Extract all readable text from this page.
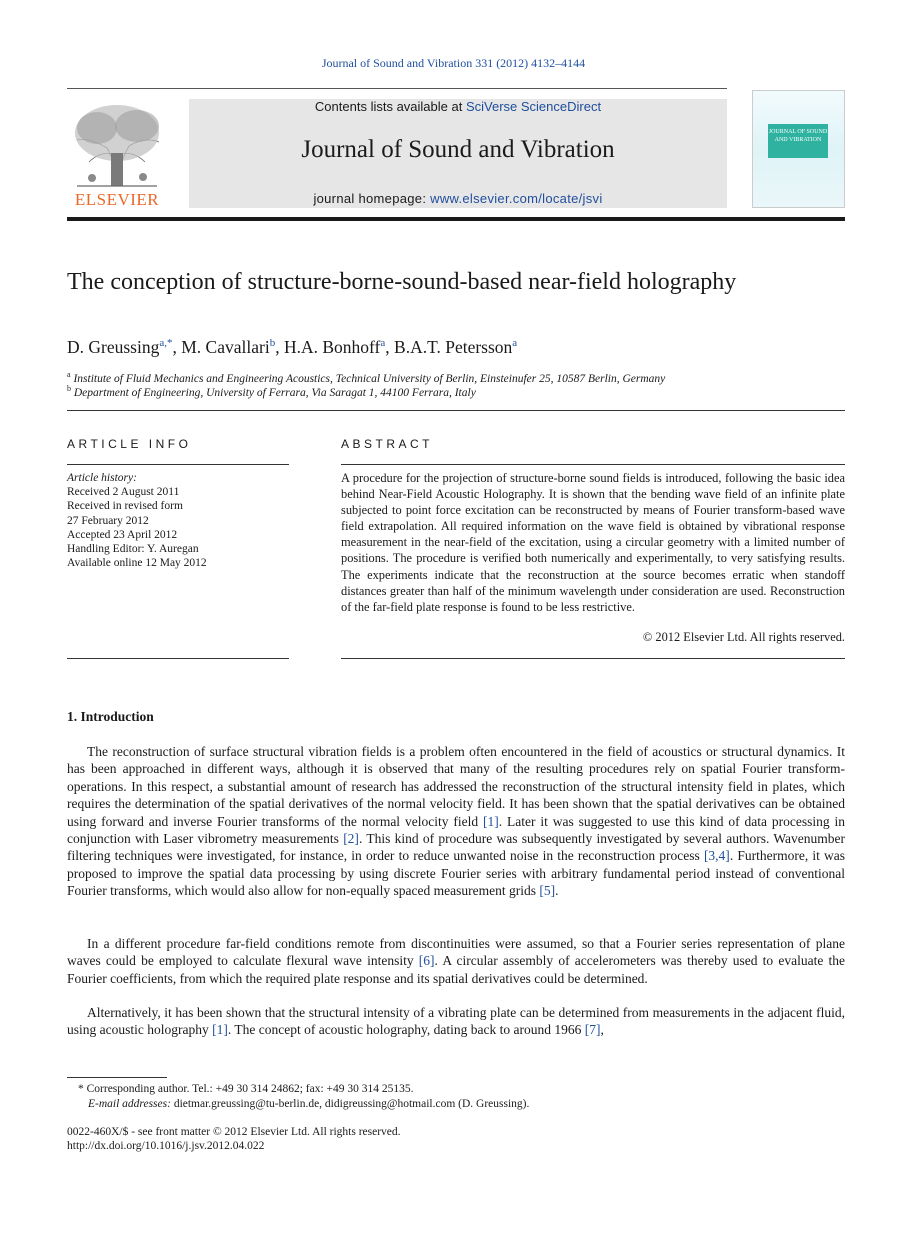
Journal of Sound and Vibration 331 (2012) 4132–4144
ELSEVIER
Contents lists available at SciVerse ScienceDirect
Journal of Sound and Vibration
journal homepage: www.elsevier.com/locate/jsvi
JOURNAL OF SOUND AND VIBRATION
The conception of structure-borne-sound-based near-field holography
D. Greussing$^{a,*}$, M. Cavallari$^b$, H.A. Bonhoff$^a$, B.A.T. Petersson$^a$
$^a$ Institute of Fluid Mechanics and Engineering Acoustics, Technical University of Berlin, Einsteinufer 25, 10587 Berlin, Germany
$^b$ Department of Engineering, University of Ferrara, Via Saragat 1, 44100 Ferrara, Italy
ARTICLE INFO
Article history:
Received 2 August 2011
Received in revised form
27 February 2012
Accepted 23 April 2012
Handling Editor: Y. Auregan
Available online 12 May 2012
ABSTRACT
A procedure for the projection of structure-borne sound fields is introduced, following the basic idea behind Near-Field Acoustic Holography. It is shown that the bending wave field of an infinite plate subjected to point force excitation can be reconstructed by means of Fourier transform-based wave field extrapolation. All required information on the wave field is obtained by vibrational response measurement in the near-field of the excitation, using a circular geometry with a limited number of positions. The procedure is verified both numerically and experimentally, to very satisfying results. The experiments indicate that the reconstruction at the source becomes erratic when standoff distances greater than half of the minimum wavelength under consideration are used. Reconstruction of the far-field plate response is found to be less restrictive.
© 2012 Elsevier Ltd. All rights reserved.
1. Introduction
The reconstruction of surface structural vibration fields is a problem often encountered in the field of acoustics or structural dynamics. It has been approached in different ways, although it is observed that many of the resulting procedures rely on spatial Fourier transform-operations. In this respect, a substantial amount of research has addressed the reconstruction of the structural intensity field in plates, which requires the determination of the spatial derivatives of the normal velocity field. It has been shown that the spatial derivatives can be obtained using forward and inverse Fourier transforms of the normal velocity field [1]. Later it was suggested to use this kind of data processing in conjunction with Laser vibrometry measurements [2]. This kind of procedure was subsequently investigated by several authors. Wavenumber filtering techniques were investigated, for instance, in order to reduce unwanted noise in the reconstruction process [3,4]. Furthermore, it was proposed to improve the spatial data processing by using discrete Fourier series with arbitrary fundamental period instead of conventional Fourier transforms, which would also allow for non-equally spaced measurement grids [5].
In a different procedure far-field conditions remote from discontinuities were assumed, so that a Fourier series representation of plane waves could be employed to calculate flexural wave intensity [6]. A circular assembly of accelerometers was thereby used to evaluate the Fourier coefficients, from which the required plate response and its spatial derivatives could be determined.
Alternatively, it has been shown that the structural intensity of a vibrating plate can be determined from measurements in the adjacent fluid, using acoustic holography [1]. The concept of acoustic holography, dating back to around 1966 [7],
* Corresponding author. Tel.: +49 30 314 24862; fax: +49 30 314 25135.
E-mail addresses: dietmar.greussing@tu-berlin.de, didigreussing@hotmail.com (D. Greussing).
0022-460X/$ - see front matter © 2012 Elsevier Ltd. All rights reserved.
http://dx.doi.org/10.1016/j.jsv.2012.04.022
